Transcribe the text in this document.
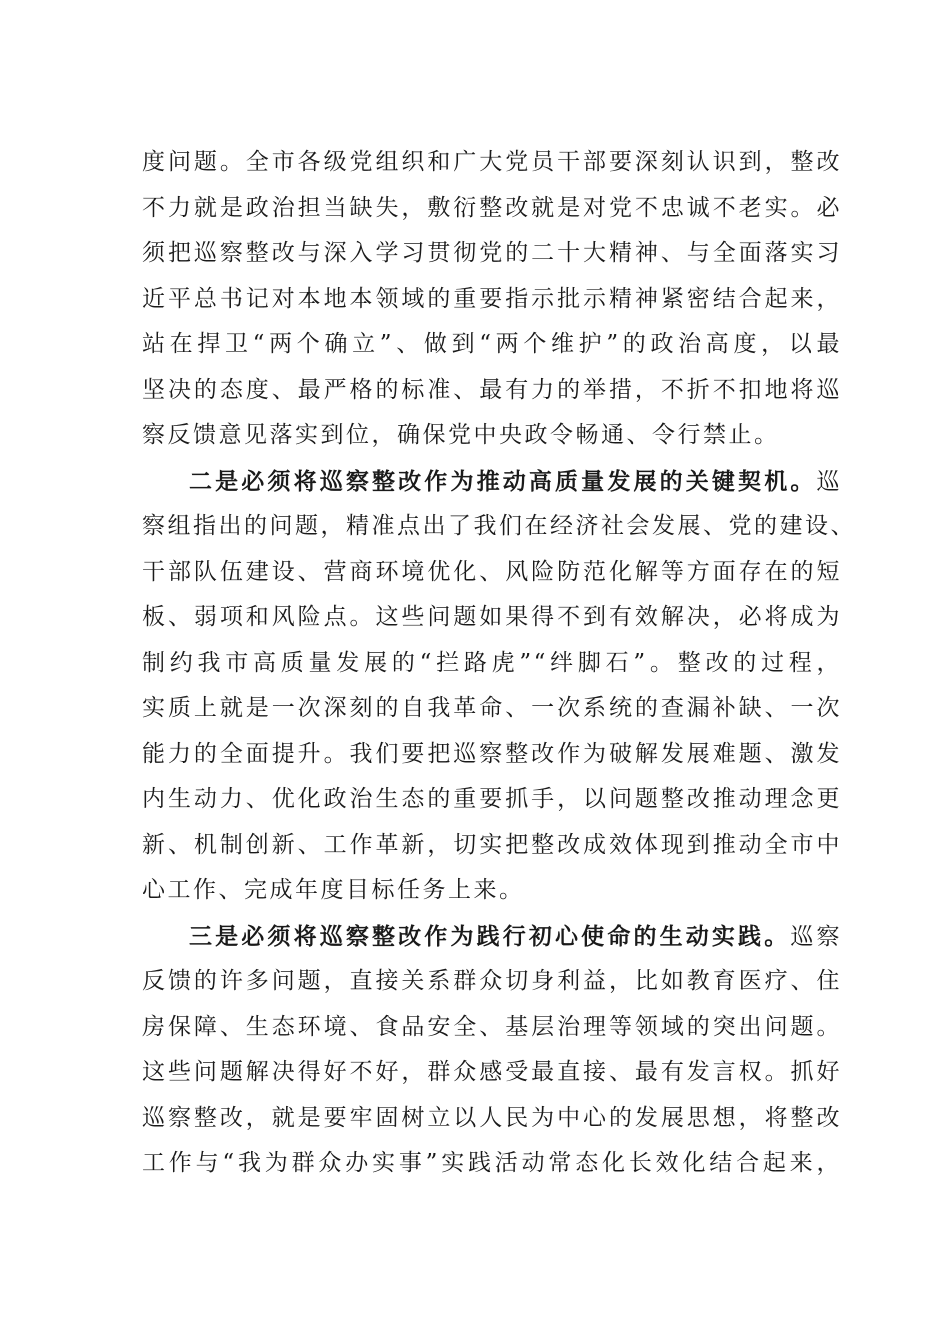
度问题。全市各级党组织和广大党员干部要深刻认识到，整改
不力就是政治担当缺失，敷衍整改就是对党不忠诚不老实。必
须把巡察整改与深入学习贯彻党的二十大精神、与全面落实习
近平总书记对本地本领域的重要指示批示精神紧密结合起来，
站在捍卫“两个确立”、做到“两个维护”的政治高度，以最
坚决的态度、最严格的标准、最有力的举措，不折不扣地将巡
察反馈意见落实到位，确保党中央政令畅通、令行禁止。
二是必须将巡察整改作为推动高质量发展的关键契机。巡
察组指出的问题，精准点出了我们在经济社会发展、党的建设、
干部队伍建设、营商环境优化、风险防范化解等方面存在的短
板、弱项和风险点。这些问题如果得不到有效解决，必将成为
制约我市高质量发展的“拦路虎”“绊脚石”。整改的过程，
实质上就是一次深刻的自我革命、一次系统的查漏补缺、一次
能力的全面提升。我们要把巡察整改作为破解发展难题、激发
内生动力、优化政治生态的重要抓手，以问题整改推动理念更
新、机制创新、工作革新，切实把整改成效体现到推动全市中
心工作、完成年度目标任务上来。
三是必须将巡察整改作为践行初心使命的生动实践。巡察
反馈的许多问题，直接关系群众切身利益，比如教育医疗、住
房保障、生态环境、食品安全、基层治理等领域的突出问题。
这些问题解决得好不好，群众感受最直接、最有发言权。抓好
巡察整改，就是要牢固树立以人民为中心的发展思想，将整改
工作与“我为群众办实事”实践活动常态化长效化结合起来，
